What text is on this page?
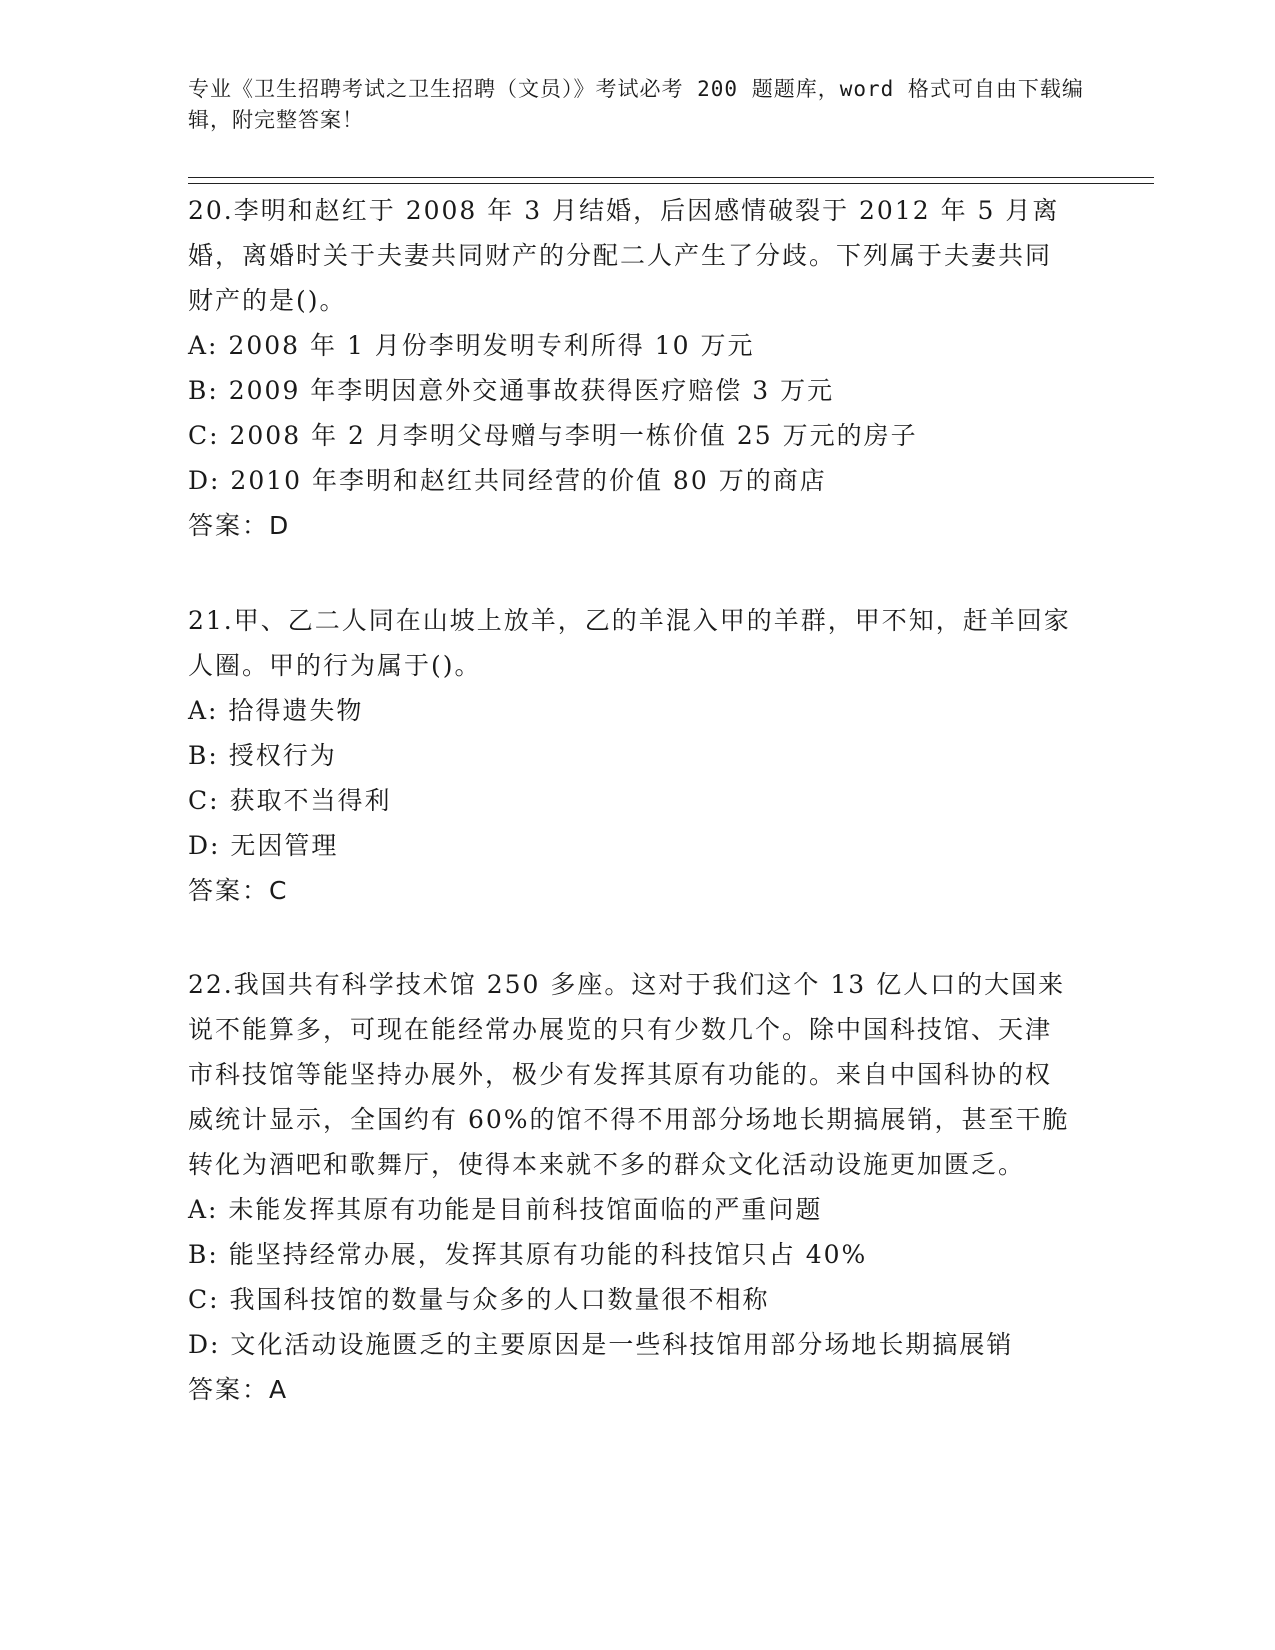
专业《卫生招聘考试之卫生招聘（文员）》考试必考 200 题题库，word 格式可自由下载编辑，附完整答案！

20.李明和赵红于 2008 年 3 月结婚，后因感情破裂于 2012 年 5 月离婚，离婚时关于夫妻共同财产的分配二人产生了分歧。下列属于夫妻共同财产的是()。

A: 2008 年 1 月份李明发明专利所得 10 万元

B: 2009 年李明因意外交通事故获得医疗赔偿 3 万元

C: 2008 年 2 月李明父母赠与李明一栋价值 25 万元的房子

D: 2010 年李明和赵红共同经营的价值 80 万的商店

答案：D

21.甲、乙二人同在山坡上放羊，乙的羊混入甲的羊群，甲不知，赶羊回家人圈。甲的行为属于()。

A: 拾得遗失物

B: 授权行为

C: 获取不当得利

D: 无因管理

答案：C

22.我国共有科学技术馆 250 多座。这对于我们这个 13 亿人口的大国来说不能算多，可现在能经常办展览的只有少数几个。除中国科技馆、天津市科技馆等能坚持办展外，极少有发挥其原有功能的。来自中国科协的权威统计显示，全国约有 60%的馆不得不用部分场地长期搞展销，甚至干脆转化为酒吧和歌舞厅，使得本来就不多的群众文化活动设施更加匮乏。

A: 未能发挥其原有功能是目前科技馆面临的严重问题

B: 能坚持经常办展，发挥其原有功能的科技馆只占 40%

C: 我国科技馆的数量与众多的人口数量很不相称

D: 文化活动设施匮乏的主要原因是一些科技馆用部分场地长期搞展销

答案：A
